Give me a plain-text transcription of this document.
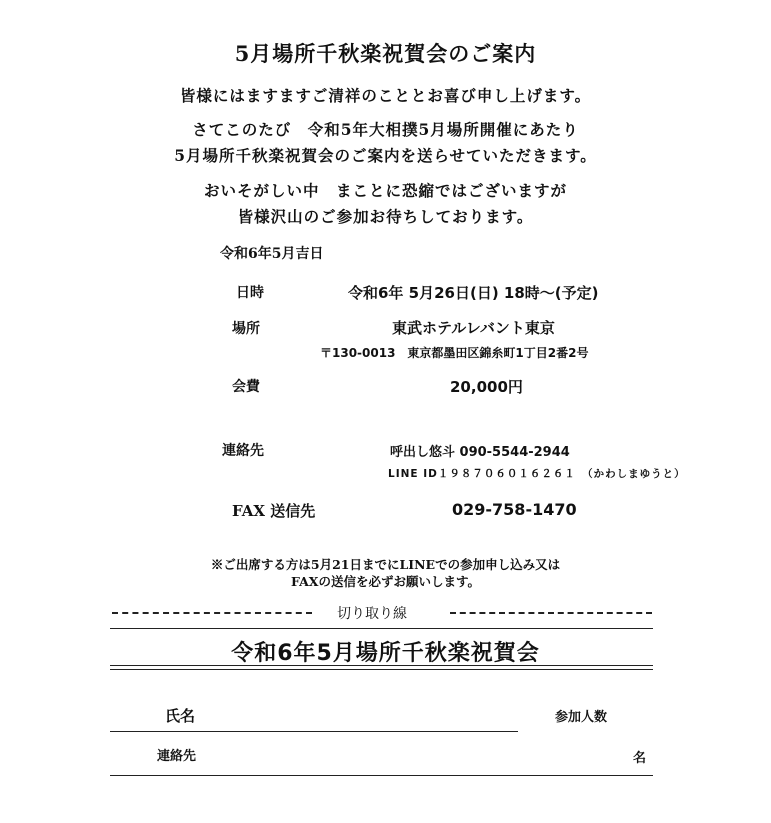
5月場所千秋楽祝賀会のご案内
皆様にはますますご清祥のこととお喜び申し上げます。
さてこのたび　令和5年大相撲5月場所開催にあたり
5月場所千秋楽祝賀会のご案内を送らせていただきます。
おいそがしい中　まことに恐縮ではございますが
皆様沢山のご参加お待ちしております。
令和6年5月吉日
日時	令和6年 5月26日(日) 18時〜(予定)
場所	東武ホテルレバント東京
〒130-0013　東京都墨田区錦糸町1丁目2番2号
会費	20,000円
連絡先	呼出し悠斗 090-5544-2944
LINE ID１９８７０６０１６２６１　（かわしまゆうと）
FAX 送信先	029-758-1470
※ご出席する方は5月21日までにLINEでの参加申し込み又は
FAXの送信を必ずお願いします。
切り取り線
令和6年5月場所千秋楽祝賀会
氏名	参加人数
連絡先	名
